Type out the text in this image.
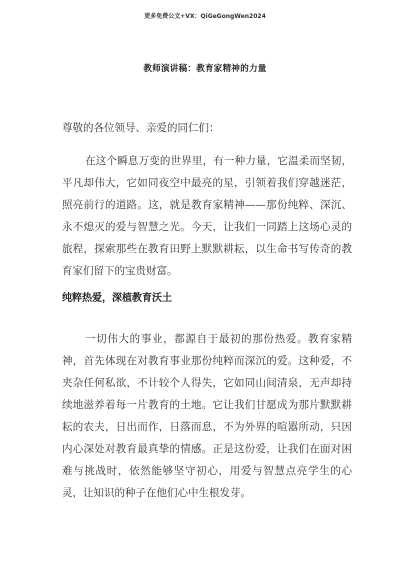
更多免费公文+VX：QiGeGongWen2024
教师演讲稿：教育家精神的力量

尊敬的各位领导、亲爱的同仁们：

在这个瞬息万变的世界里，有一种力量，它温柔而坚韧，平凡却伟大，它如同夜空中最亮的星，引领着我们穿越迷茫，照亮前行的道路。这，就是教育家精神——那份纯粹、深沉、永不熄灭的爱与智慧之光。今天，让我们一同踏上这场心灵的旅程，探索那些在教育田野上默默耕耘，以生命书写传奇的教育家们留下的宝贵财富。

纯粹热爱，深植教育沃土

一切伟大的事业，都源自于最初的那份热爱。教育家精神，首先体现在对教育事业那份纯粹而深沉的爱。这种爱，不夹杂任何私欲，不计较个人得失，它如同山间清泉，无声却持续地滋养着每一片教育的土地。它让我们甘愿成为那片默默耕耘的农夫，日出而作，日落而息，不为外界的喧嚣所动，只因内心深处对教育最真挚的情感。正是这份爱，让我们在面对困难与挑战时，依然能够坚守初心，用爱与智慧点亮学生的心灵，让知识的种子在他们心中生根发芽。
